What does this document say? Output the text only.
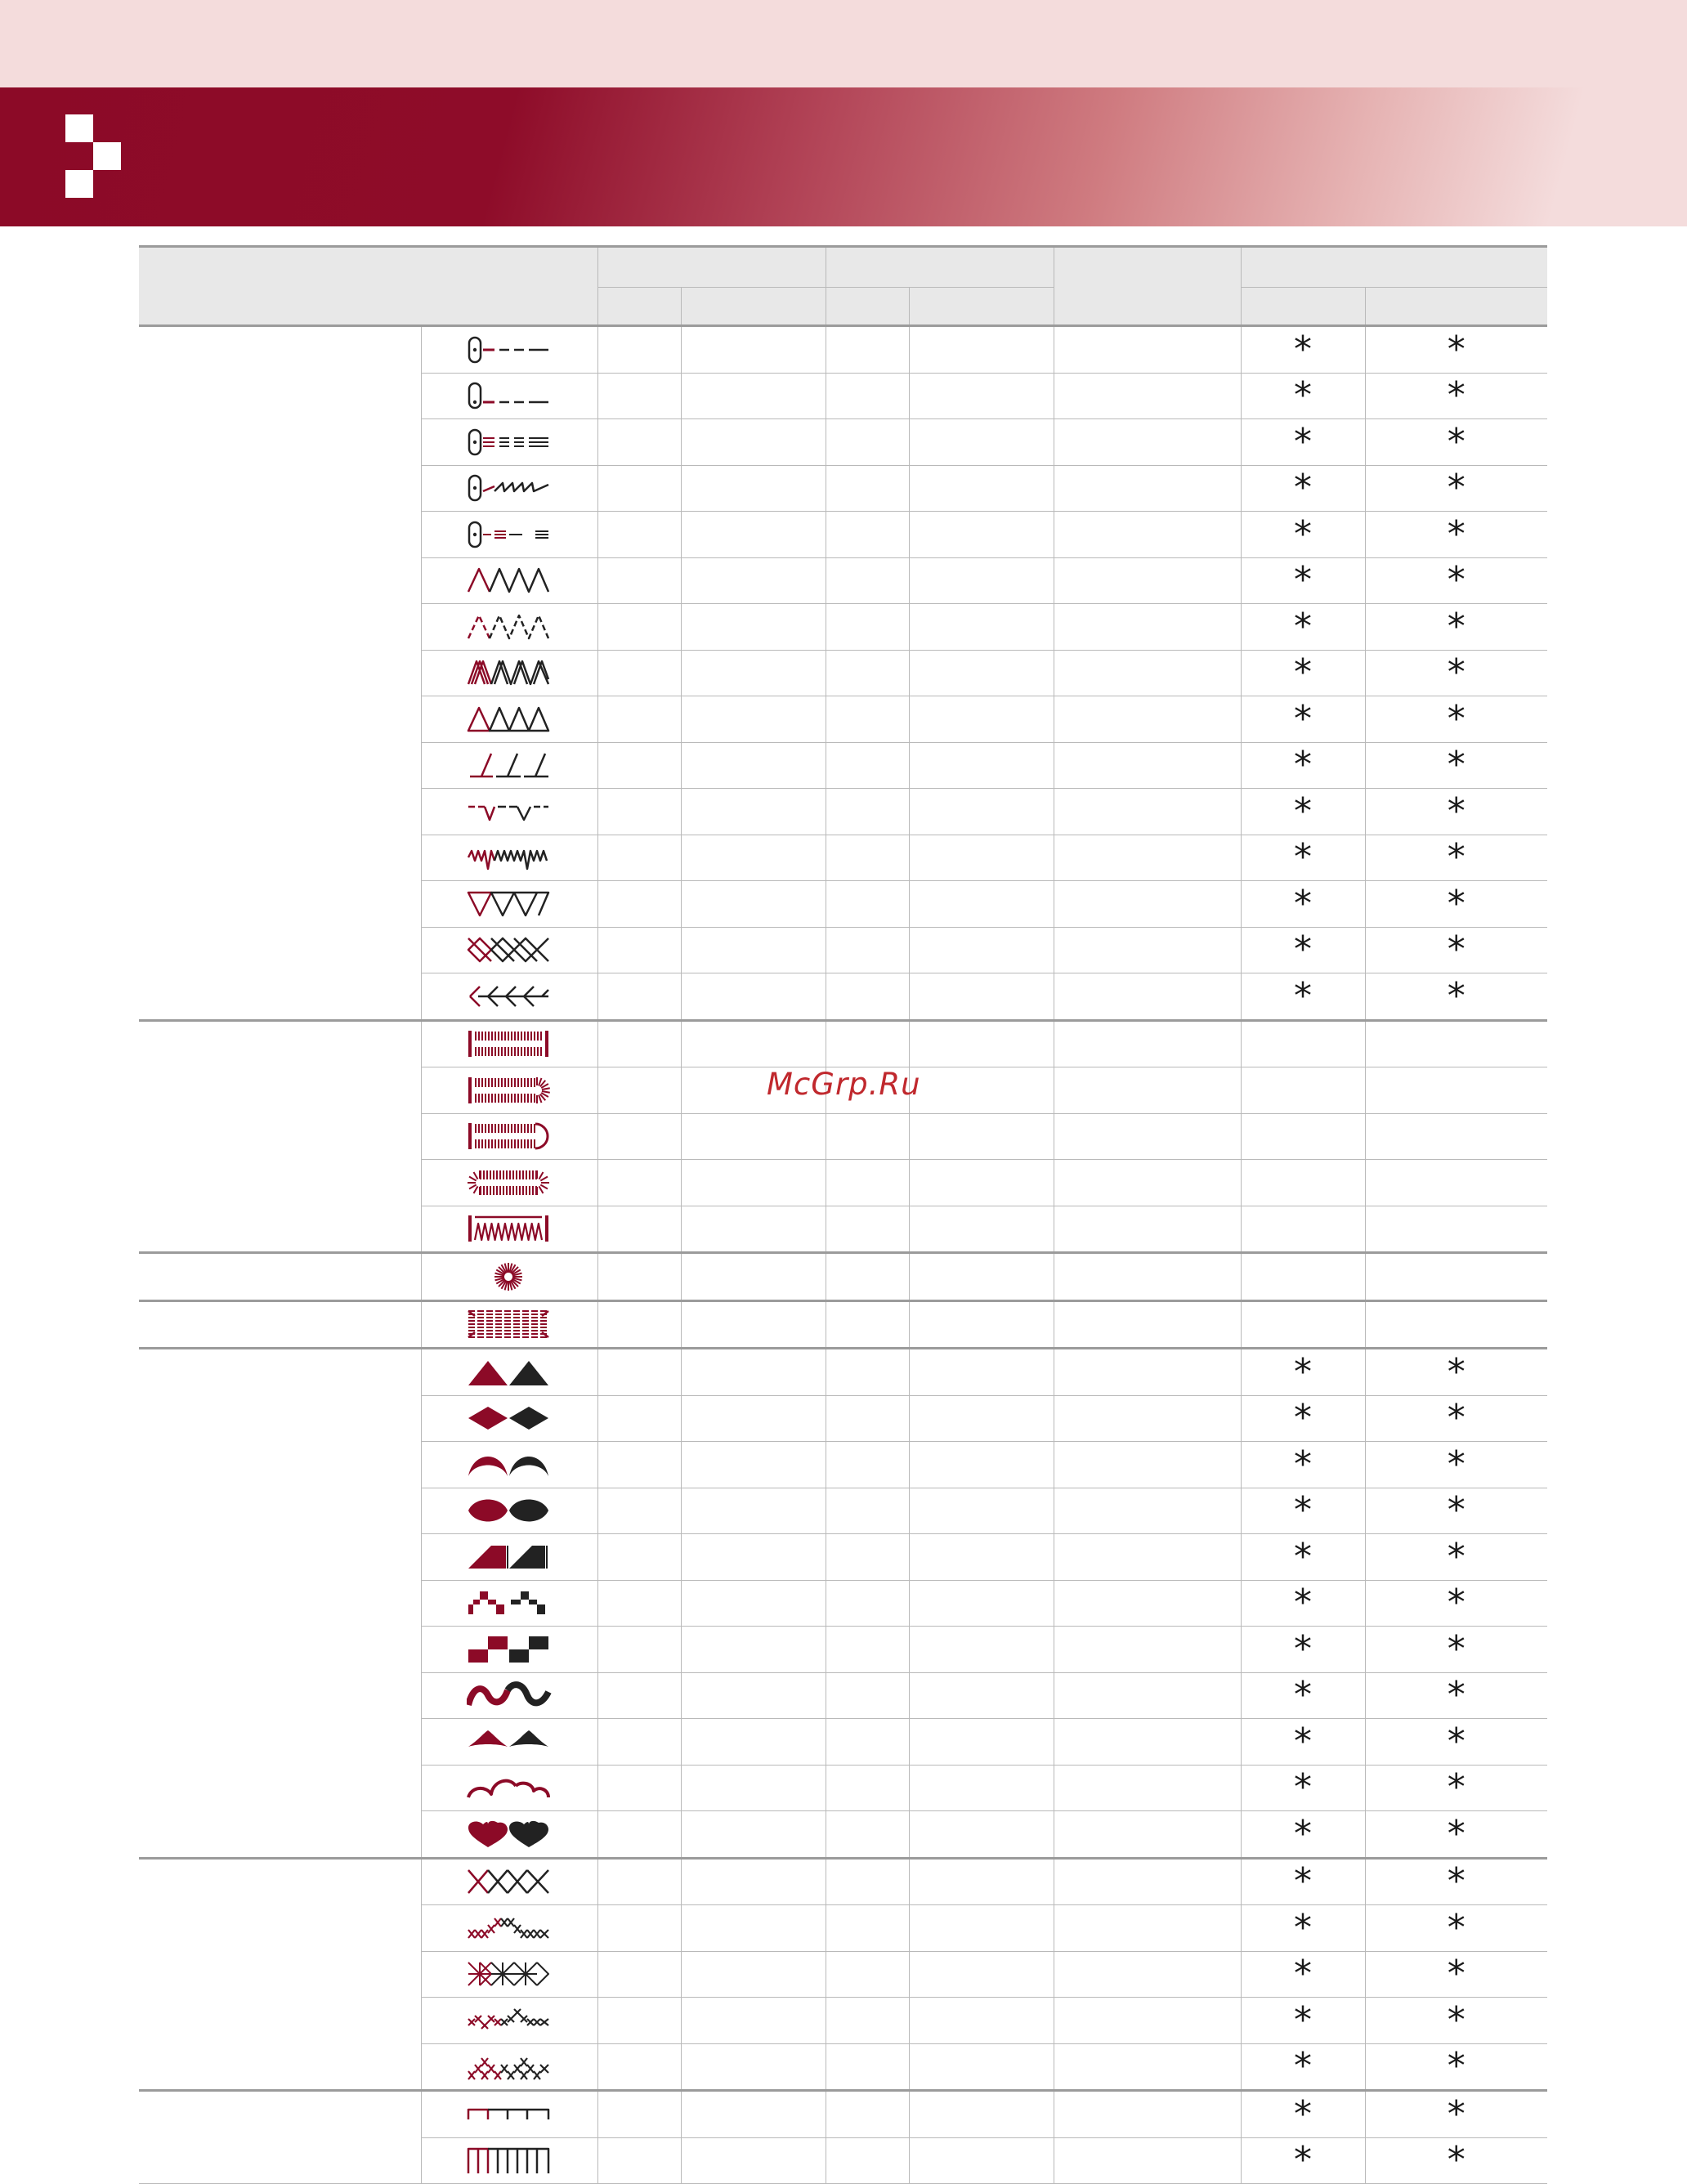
						*	*

						*	*

						*	*

						*	*

						*	*

						*	*

						*	*

						*	*

						*	*

						*	*

						*	*

						*	*

						*	*

						*	*

						*	*

						*	*

						*	*

						*	*

						*	*

						*	*

						*	*

						*	*

						*	*

						*	*

						*	*

						*	*

						*	*

						*	*

						*	*

						*	*

						*	*

						*	*

						*	*
McGrp.Ru
